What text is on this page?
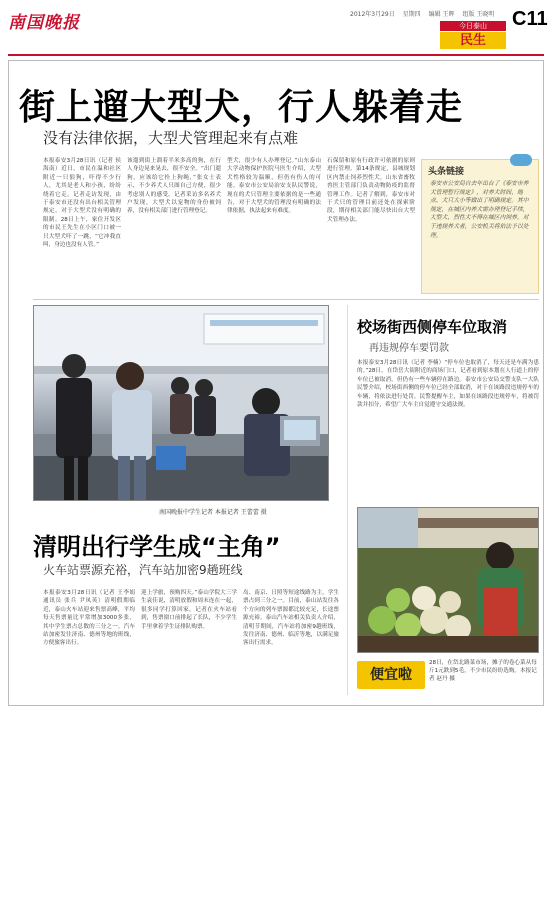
南国晚报	2012年3月29日 星期四 编辑 王晖 组版 王晓明
今日泰山
民生
C11
街上遛大型犬，行人躲着走
没有法律依据，大型犬管理起来有点难
本报泰安3月28日讯（记者 侯海南）近日，市民在温和社区附近一只狼狗，吓得不少行人，尤其是老人和小孩，纷纷绕着它走。记者走访发现，由于泰安市还没有出台相关管理规定，对于大型犬没有明确的限制。28日上午，家住开发区的市民王先生在小区门口被一只大型犬吓了一跳，“它冲我直叫，身边也没有人管。”
该遛到街上溜着半米多高的狗，在行人身边晃来晃去，很不安全。“出门遛狗，应该给它拴上狗绳，”张女士表示，不少养犬人只图自己方便，很少考虑别人的感受。记者采访多名养犬户发现，大型犬以宠物的身份被饲养，没有相关部门进行管理登记。
型犬，很少有人办理登记。”山东泰山大学动物保护医院马医生介绍，大型犬性格较为温顺，但仍有伤人的可能。泰安市公安局治安支队民警说，现在的犬只管理主要依据的是一些通告，对于大型犬的管理没有明确的法律依据，执法起来有难度。
石保留和原有行政许可依据的原则进行管理。第14条规定，县城规划区内禁止饲养烈性犬。山东省畜牧兽医主管部门负责动物防疫的监督管理工作。记者了解到，泰安市对于犬只的管理目前还处在探索阶段，期待相关部门能尽快出台大型犬管理办法。
头条链接
泰安市公安局自去年出台了《泰安市养犬管理暂行规定》，对养犬时间、地点、犬只大小等做出了明确规定。其中规定，在城区内养犬需办理登记手续，大型犬、烈性犬不得在城区内饲养，对于违规养犬者，公安机关将依法予以处理。
南国晚报中学生记者 本报记者 王蕾蕾 摄
校场街西侧停车位取消
再违规停车要罚款
本报泰安3月28日讯（记者 李楠）“停车位也取消了，每天还是车满为患的。”28日，在岱岳大街附近的商场门口，记者看到原本划在人行道上的停车位已被取消，但仍有一些车辆停在路边。泰安市公安局交警支队一大队民警介绍，校场街西侧的停车位已经全部取消，对于在该路段违规停车的车辆，将依法进行处罚。民警提醒车主，如果在该路段违规停车，将被罚款并扣分，希望广大车主自觉遵守交通法规。
清明出行学生成“主角”
火车站票源充裕，汽车站加密9趟班线
本报泰安3月28日讯（记者 王李娟 通讯员 张兵 尹凤英）清明假期临近，泰山火车站迎来售票高峰，平均每天售票量比平常增加3000多张，其中学生票占总数的三分之一。汽车站加密发往济南、德州等地的班线，方便旅客出行。
迎上学旅，预购四天。”泰山学院大三学生袁佳说，清明放假和周末连在一起，很多同学打算回家。记者在火车站看到，售票窗口前排起了长队，不少学生手里拿着学生证排队购票。
岛、南京、日照等短途线路为主，学生票占到三分之一。目前，泰山站发往各个方向的列车票源都比较充足，长途票源充裕。泰山汽车站相关负责人介绍，清明节期间，汽车站将加密9趟班线，发往济南、德州、临沂等地，以满足旅客出行需求。
便宜啦
28日，在岱北路菜市场，摊子的卷心菜从每斤1元跌到5毛，不少市民纷纷选购。本报记者 赵丹 摄
